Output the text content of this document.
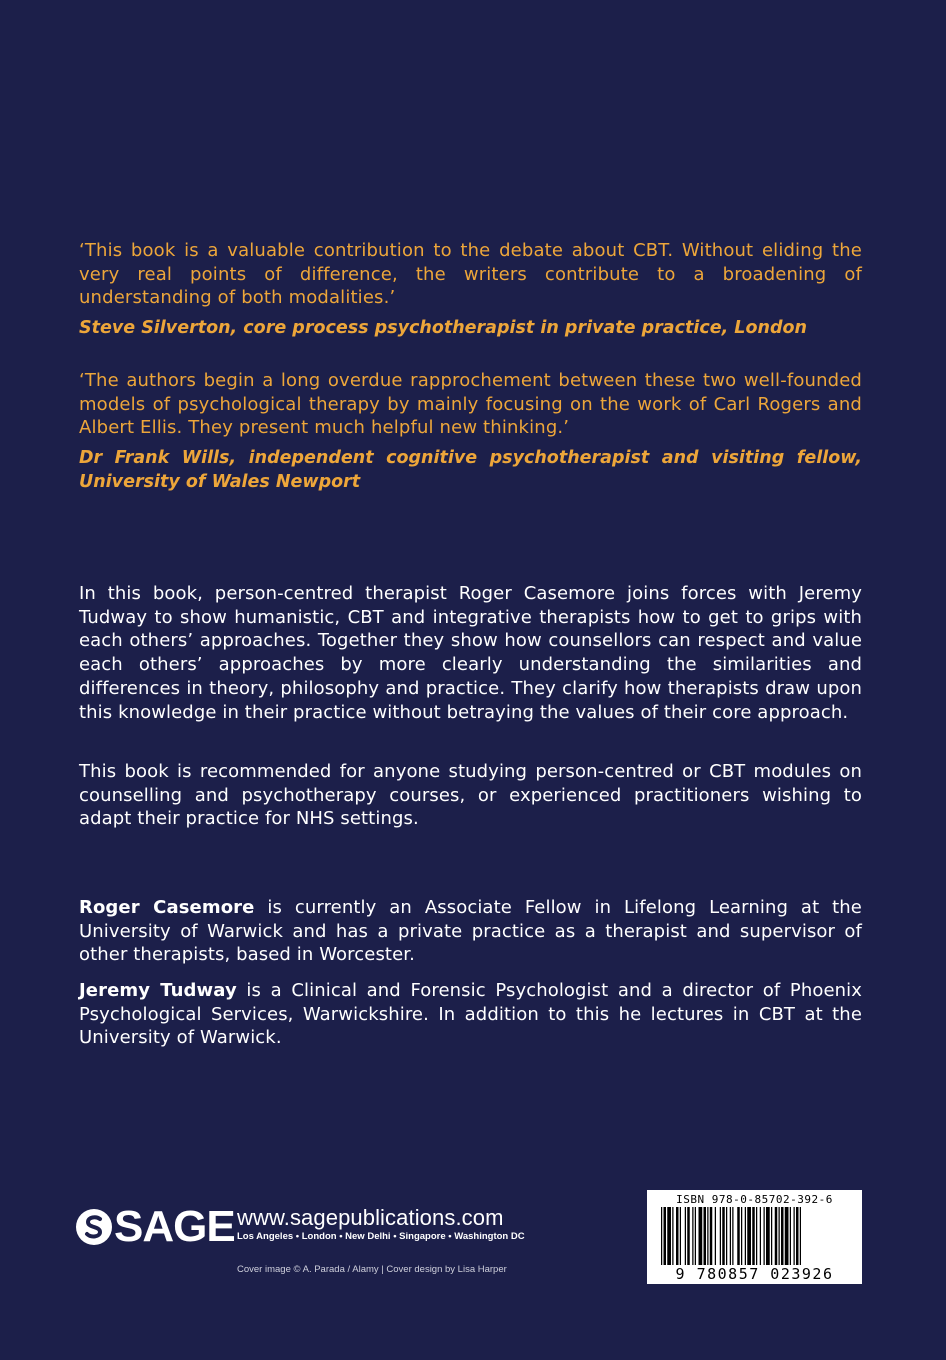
‘This book is a valuable contribution to the debate about CBT. Without eliding the very real points of difference, the writers contribute to a broadening of understanding of both modalities.’

Steve Silverton, core process psychotherapist in private practice, London

‘The authors begin a long overdue rapprochement between these two well-founded models of psychological therapy by mainly focusing on the work of Carl Rogers and Albert Ellis. They present much helpful new thinking.’

Dr Frank Wills, independent cognitive psychotherapist and visiting fellow, University of Wales Newport

In this book, person-centred therapist Roger Casemore joins forces with Jeremy Tudway to show humanistic, CBT and integrative therapists how to get to grips with each others’ approaches. Together they show how counsellors can respect and value each others’ approaches by more clearly understanding the similarities and differences in theory, philosophy and practice. They clarify how therapists draw upon this knowledge in their practice without betraying the values of their core approach.

This book is recommended for anyone studying person-centred or CBT modules on counselling and psychotherapy courses, or experienced practitioners wishing to adapt their practice for NHS settings.

Roger Casemore is currently an Associate Fellow in Lifelong Learning at the University of Warwick and has a private practice as a therapist and supervisor of other therapists, based in Worcester.

Jeremy Tudway is a Clinical and Forensic Psychologist and a director of Phoenix Psychological Services, Warwickshire. In addition to this he lectures in CBT at the University of Warwick.

SAGE www.sagepublications.com

Los Angeles • London • New Delhi • Singapore • Washington DC

Cover image © A. Parada / Alamy | Cover design by Lisa Harper

ISBN 978-0-85702-392-6
9 780857 023926
